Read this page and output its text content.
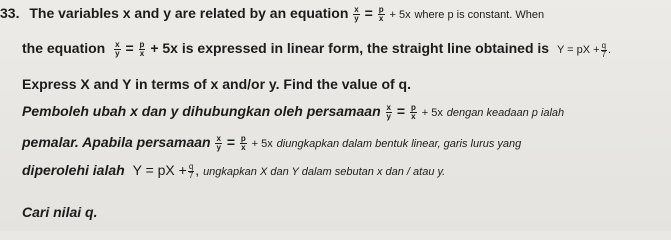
33. The variables x and y are related by an equation $\frac{x}{y} = \frac{p}{x} + 5x$ where p is constant. When
the equation $\frac{x}{y} = \frac{p}{x} + 5x$ is expressed in linear form, the straight line obtained is Y = pX + $\frac{q}{7}$ .
Express X and Y in terms of x and/or y. Find the value of q.
Pemboleh ubah x dan y dihubungkan oleh persamaan $\frac{x}{y} = \frac{p}{x} + 5x$ dengan keadaan p ialah
pemalar. Apabila persamaan $\frac{x}{y} = \frac{p}{x} + 5x$ diungkapkan dalam bentuk linear, garis lurus yang
diperolehi ialah Y = pX + $\frac{q}{7}$ , ungkapkan X dan Y dalam sebutan x dan / atau y.
Cari nilai q.
